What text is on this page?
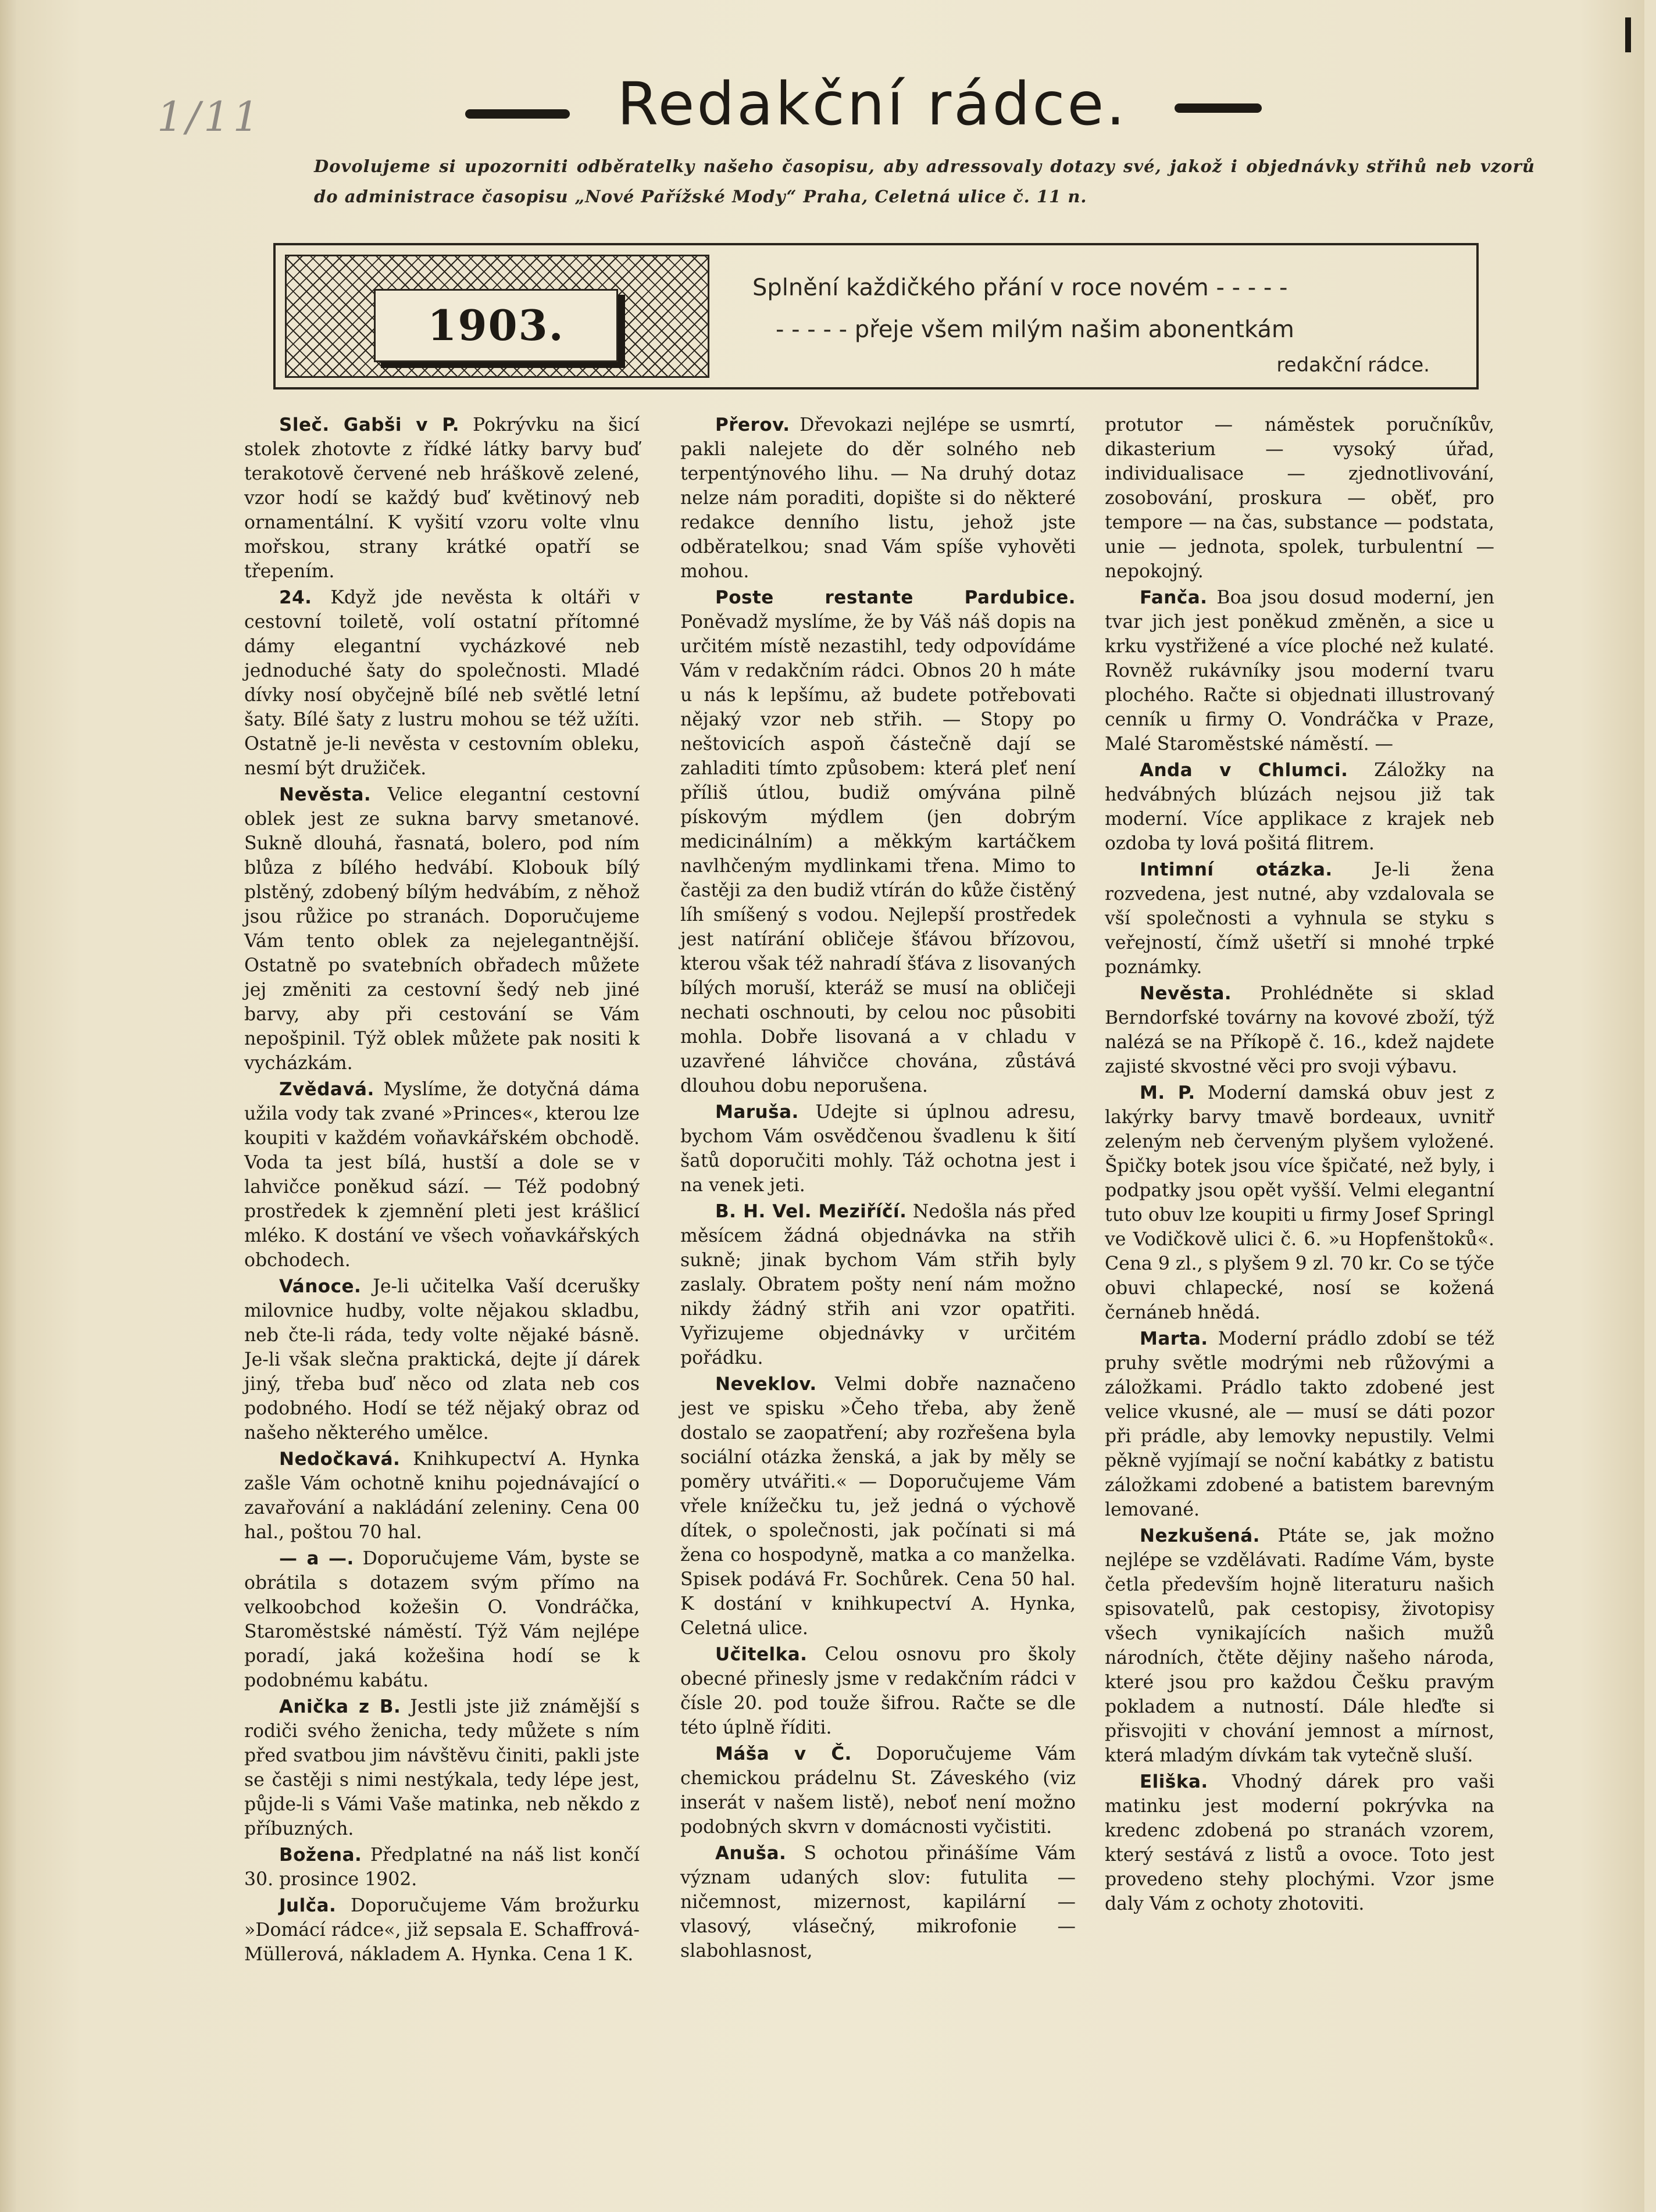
1/11	Redakční rádce.
Dovolujeme si upozorniti odběratelky našeho časopisu, aby adressovaly dotazy své, jakož i objednávky střihů neb vzorů do administrace časopisu „Nové Pařížské Mody“ Praha, Celetná ulice č. 11 n.
1903.
Splnění každičkého přání v roce novém - - - - -
- - - - - přeje všem milým našim abonentkám
redakční rádce.

Sleč. Gabši v P. Pokrývku na šicí stolek zhotovte z řídké látky barvy buď terakotově červené neb hráškově zelené, vzor hodí se každý buď květinový neb ornamentální. K vyšití vzoru volte vlnu mořskou, strany krátké opatří se třepením.

24. Když jde nevěsta k oltáři v cestovní toiletě, volí ostatní přítomné dámy elegantní vycházkové neb jednoduché šaty do společnosti. Mladé dívky nosí obyčejně bílé neb světlé letní šaty. Bílé šaty z lustru mohou se též užíti. Ostatně je-li nevěsta v cestovním obleku, nesmí být družiček.

Nevěsta. Velice elegantní cestovní oblek jest ze sukna barvy smetanové. Sukně dlouhá, řasnatá, bolero, pod ním blůza z bílého hedvábí. Klobouk bílý plstěný, zdobený bílým hedvábím, z něhož jsou růžice po stranách. Doporučujeme Vám tento oblek za nejelegantnější. Ostatně po svatebních obřadech můžete jej změniti za cestovní šedý neb jiné barvy, aby při cestování se Vám nepošpinil. Týž oblek můžete pak nositi k vycházkám.

Zvědavá. Myslíme, že dotyčná dáma užila vody tak zvané »Princes«, kterou lze koupiti v každém voňavkářském obchodě. Voda ta jest bílá, hustší a dole se v lahvičce poněkud sází. — Též podobný prostředek k zjemnění pleti jest krášlicí mléko. K dostání ve všech voňavkářských obchodech.

Vánoce. Je-li učitelka Vaší dcerušky milovnice hudby, volte nějakou skladbu, neb čte-li ráda, tedy volte nějaké básně. Je-li však slečna praktická, dejte jí dárek jiný, třeba buď něco od zlata neb cos podobného. Hodí se též nějaký obraz od našeho některého umělce.

Nedočkavá. Knihkupectví A. Hynka zašle Vám ochotně knihu pojednávající o zavařování a nakládání zeleniny. Cena 00 hal., poštou 70 hal.

— a —. Doporučujeme Vám, byste se obrátila s dotazem svým přímo na velkoobchod kožešin O. Vondráčka, Staroměstské náměstí. Týž Vám nejlépe poradí, jaká kožešina hodí se k podobnému kabátu.

Anička z B. Jestli jste již známější s rodiči svého ženicha, tedy můžete s ním před svatbou jim návštěvu činiti, pakli jste se častěji s nimi nestýkala, tedy lépe jest, půjde-li s Vámi Vaše matinka, neb někdo z příbuzných.

Božena. Předplatné na náš list končí 30. prosince 1902.

Julča. Doporučujeme Vám brožurku »Domácí rádce«, již sepsala E. Schaffrová-Müllerová, nákladem A. Hynka. Cena 1 K.

Přerov. Dřevokazi nejlépe se usmrtí, pakli nalejete do děr solného neb terpentýnového lihu. — Na druhý dotaz nelze nám poraditi, dopište si do některé redakce denního listu, jehož jste odběratelkou; snad Vám spíše vyhověti mohou.

Poste restante Pardubice. Poněvadž myslíme, že by Váš náš dopis na určitém místě nezastihl, tedy odpovídáme Vám v redakčním rádci. Obnos 20 h máte u nás k lepšímu, až budete potřebovati nějaký vzor neb střih. — Stopy po neštovicích aspoň částečně dají se zahladiti tímto způsobem: která pleť není příliš útlou, budiž omývána pilně pískovým mýdlem (jen dobrým medicinálním) a měkkým kartáčkem navlhčeným mydlinkami třena. Mimo to častěji za den budiž vtírán do kůže čistěný líh smíšený s vodou. Nejlepší prostředek jest natírání obličeje šťávou břízovou, kterou však též nahradí šťáva z lisovaných bílých moruší, kteráž se musí na obličeji nechati oschnouti, by celou noc působiti mohla. Dobře lisovaná a v chladu v uzavřené láhvičce chována, zůstává dlouhou dobu neporušena.

Maruša. Udejte si úplnou adresu, bychom Vám osvědčenou švadlenu k šití šatů doporučiti mohly. Táž ochotna jest i na venek jeti.

B. H. Vel. Meziříčí. Nedošla nás před měsícem žádná objednávka na střih sukně; jinak bychom Vám střih byly zaslaly. Obratem pošty není nám možno nikdy žádný střih ani vzor opatřiti. Vyřizujeme objednávky v určitém pořádku.

Neveklov. Velmi dobře naznačeno jest ve spisku »Čeho třeba, aby ženě dostalo se zaopatření; aby rozřešena byla sociální otázka ženská, a jak by měly se poměry utvářiti.« — Doporučujeme Vám vřele knížečku tu, jež jedná o výchově dítek, o společnosti, jak počínati si má žena co hospodyně, matka a co manželka. Spisek podává Fr. Sochůrek. Cena 50 hal. K dostání v knihkupectví A. Hynka, Celetná ulice.

Učitelka. Celou osnovu pro školy obecné přinesly jsme v redakčním rádci v čísle 20. pod touže šifrou. Račte se dle této úplně říditi.

Máša v Č. Doporučujeme Vám chemickou prádelnu St. Záveského (viz inserát v našem listě), neboť není možno podobných skvrn v domácnosti vyčistiti.

Anuša. S ochotou přinášíme Vám význam udaných slov: futulita — ničemnost, mizernost, kapilární — vlasový, vlásečný, mikrofonie — slabohlasnost,

protutor — náměstek poručníkův, dikasterium — vysoký úřad, individualisace — zjednotlivování, zosobování, proskura — oběť, pro tempore — na čas, substance — podstata, unie — jednota, spolek, turbulentní — nepokojný.

Fanča. Boa jsou dosud moderní, jen tvar jich jest poněkud změněn, a sice u krku vystřižené a více ploché než kulaté. Rovněž rukávníky jsou moderní tvaru plochého. Račte si objednati illustrovaný cenník u firmy O. Vondráčka v Praze, Malé Staroměstské náměstí. —

Anda v Chlumci. Záložky na hedvábných blúzách nejsou již tak moderní. Více applikace z krajek neb ozdoba ty lová pošitá flitrem.

Intimní otázka. Je-li žena rozvedena, jest nutné, aby vzdalovala se vší společnosti a vyhnula se styku s veřejností, čímž ušetří si mnohé trpké poznámky.

Nevěsta. Prohlédněte si sklad Berndorfské továrny na kovové zboží, týž nalézá se na Příkopě č. 16., kdež najdete zajisté skvostné věci pro svoji výbavu.

M. P. Moderní damská obuv jest z lakýrky barvy tmavě bordeaux, uvnitř zeleným neb červeným plyšem vyložené. Špičky botek jsou více špičaté, než byly, i podpatky jsou opět vyšší. Velmi elegantní tuto obuv lze koupiti u firmy Josef Springl ve Vodičkově ulici č. 6. »u Hopfenštoků«. Cena 9 zl., s plyšem 9 zl. 70 kr. Co se týče obuvi chlapecké, nosí se kožená černáneb hnědá.

Marta. Moderní prádlo zdobí se též pruhy světle modrými neb růžovými a záložkami. Prádlo takto zdobené jest velice vkusné, ale — musí se dáti pozor při prádle, aby lemovky nepustily. Velmi pěkně vyjímají se noční kabátky z batistu záložkami zdobené a batistem barevným lemované.

Nezkušená. Ptáte se, jak možno nejlépe se vzdělávati. Radíme Vám, byste četla především hojně literaturu našich spisovatelů, pak cestopisy, životopisy všech vynikajících našich mužů národních, čtěte dějiny našeho národa, které jsou pro každou Češku pravým pokladem a nutností. Dále hleďte si přisvojiti v chování jemnost a mírnost, která mladým dívkám tak vytečně sluší.

Eliška. Vhodný dárek pro vaši matinku jest moderní pokrývka na kredenc zdobená po stranách vzorem, který sestává z listů a ovoce. Toto jest provedeno stehy plochými. Vzor jsme daly Vám z ochoty zhotoviti.
